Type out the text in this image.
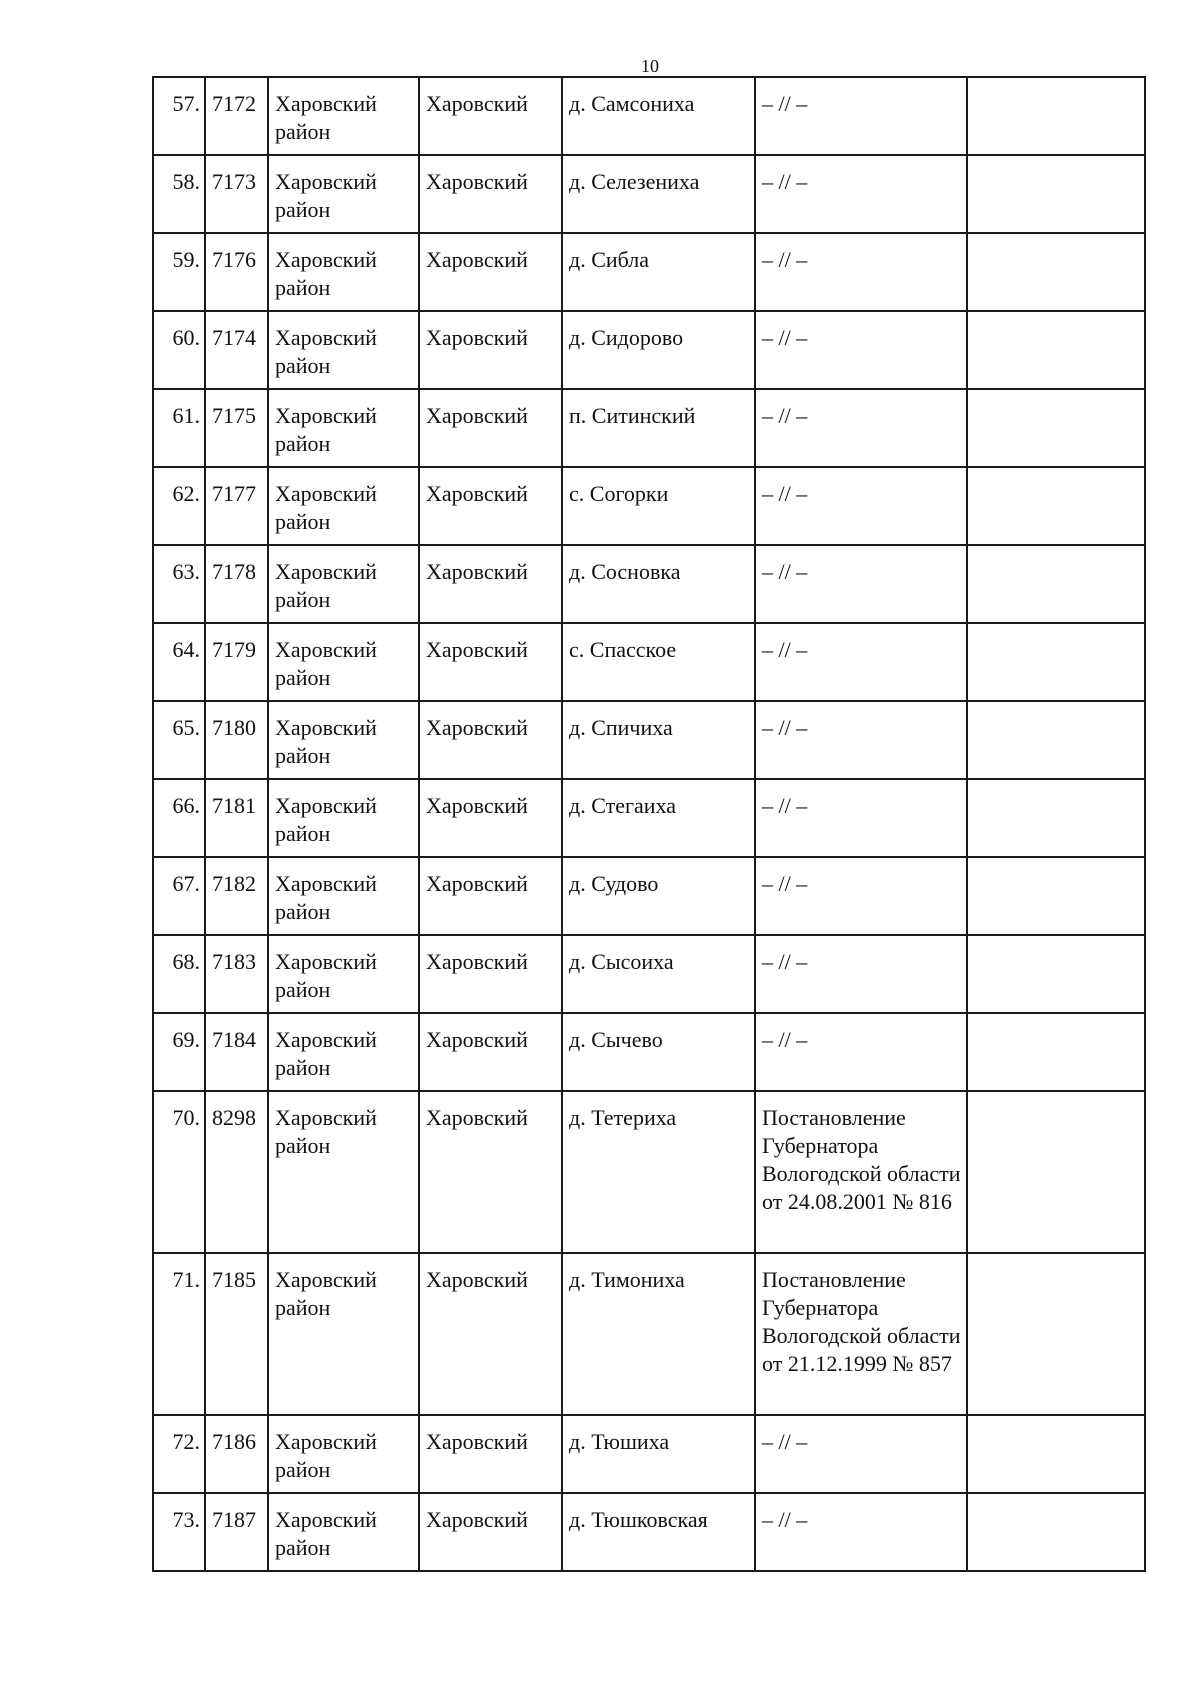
10
57.	7172	Харовский район	Харовский	д. Самсониха	– // –	
58.	7173	Харовский район	Харовский	д. Селезениха	– // –	
59.	7176	Харовский район	Харовский	д. Сибла	– // –	
60.	7174	Харовский район	Харовский	д. Сидорово	– // –	
61.	7175	Харовский район	Харовский	п. Ситинский	– // –	
62.	7177	Харовский район	Харовский	с. Согорки	– // –	
63.	7178	Харовский район	Харовский	д. Сосновка	– // –	
64.	7179	Харовский район	Харовский	с. Спасское	– // –	
65.	7180	Харовский район	Харовский	д. Спичиха	– // –	
66.	7181	Харовский район	Харовский	д. Стегаиха	– // –	
67.	7182	Харовский район	Харовский	д. Судово	– // –	
68.	7183	Харовский район	Харовский	д. Сысоиха	– // –	
69.	7184	Харовский район	Харовский	д. Сычево	– // –	
70.	8298	Харовский район	Харовский	д. Тетериха	Постановление Губернатора Вологодской области от 24.08.2001 № 816	
71.	7185	Харовский район	Харовский	д. Тимониха	Постановление Губернатора Вологодской области от 21.12.1999 № 857	
72.	7186	Харовский район	Харовский	д. Тюшиха	– // –	
73.	7187	Харовский район	Харовский	д. Тюшковская	– // –	
